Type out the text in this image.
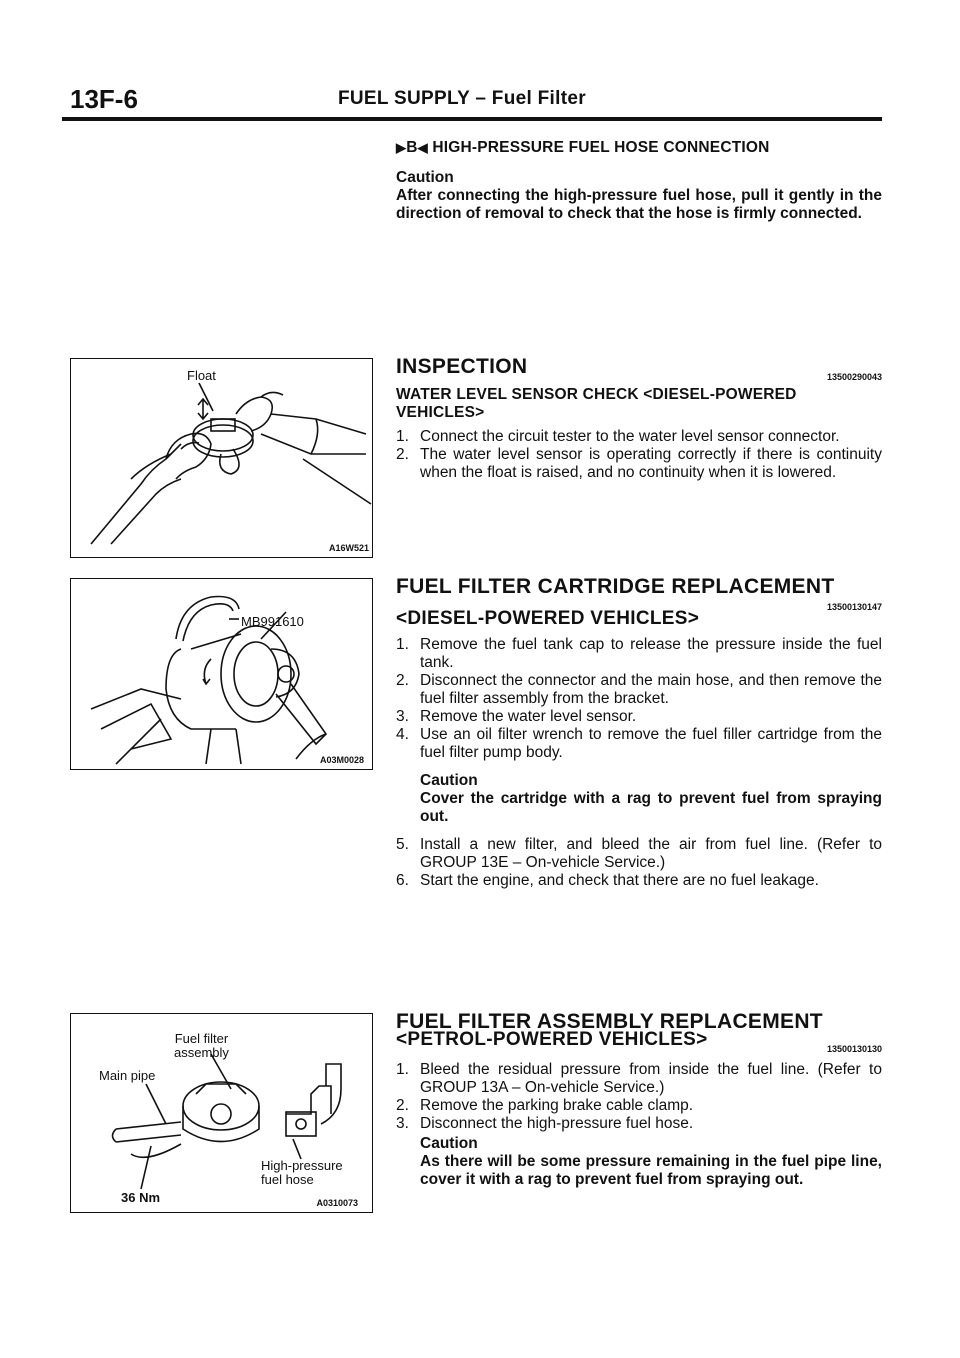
13F-6	FUEL SUPPLY – Fuel Filter
▶B◀ HIGH-PRESSURE FUEL HOSE CONNECTION
Caution
After connecting the high-pressure fuel hose, pull it gently in the direction of removal to check that the hose is firmly connected.
INSPECTION	13500290043
WATER LEVEL SENSOR CHECK <DIESEL-POWERED VEHICLES>
1. Connect the circuit tester to the water level sensor connector.
2. The water level sensor is operating correctly if there is continuity when the float is raised, and no continuity when it is lowered.
FUEL FILTER CARTRIDGE REPLACEMENT
13500130147
<DIESEL-POWERED VEHICLES>
1. Remove the fuel tank cap to release the pressure inside the fuel tank.
2. Disconnect the connector and the main hose, and then remove the fuel filter assembly from the bracket.
3. Remove the water level sensor.
4. Use an oil filter wrench to remove the fuel filler cartridge from the fuel filter pump body.
Caution
Cover the cartridge with a rag to prevent fuel from spraying out.
5. Install a new filter, and bleed the air from fuel line. (Refer to GROUP 13E – On-vehicle Service.)
6. Start the engine, and check that there are no fuel leakage.
FUEL FILTER ASSEMBLY REPLACEMENT
<PETROL-POWERED VEHICLES>	13500130130
1. Bleed the residual pressure from inside the fuel line. (Refer to GROUP 13A – On-vehicle Service.)
2. Remove the parking brake cable clamp.
3. Disconnect the high-pressure fuel hose.
Caution
As there will be some pressure remaining in the fuel pipe line, cover it with a rag to prevent fuel from spraying out.
Float
A16W521
MB991610
A03M0028
Fuel filter
assembly
Main pipe
36 Nm
High-pressure
fuel hose
A0310073
